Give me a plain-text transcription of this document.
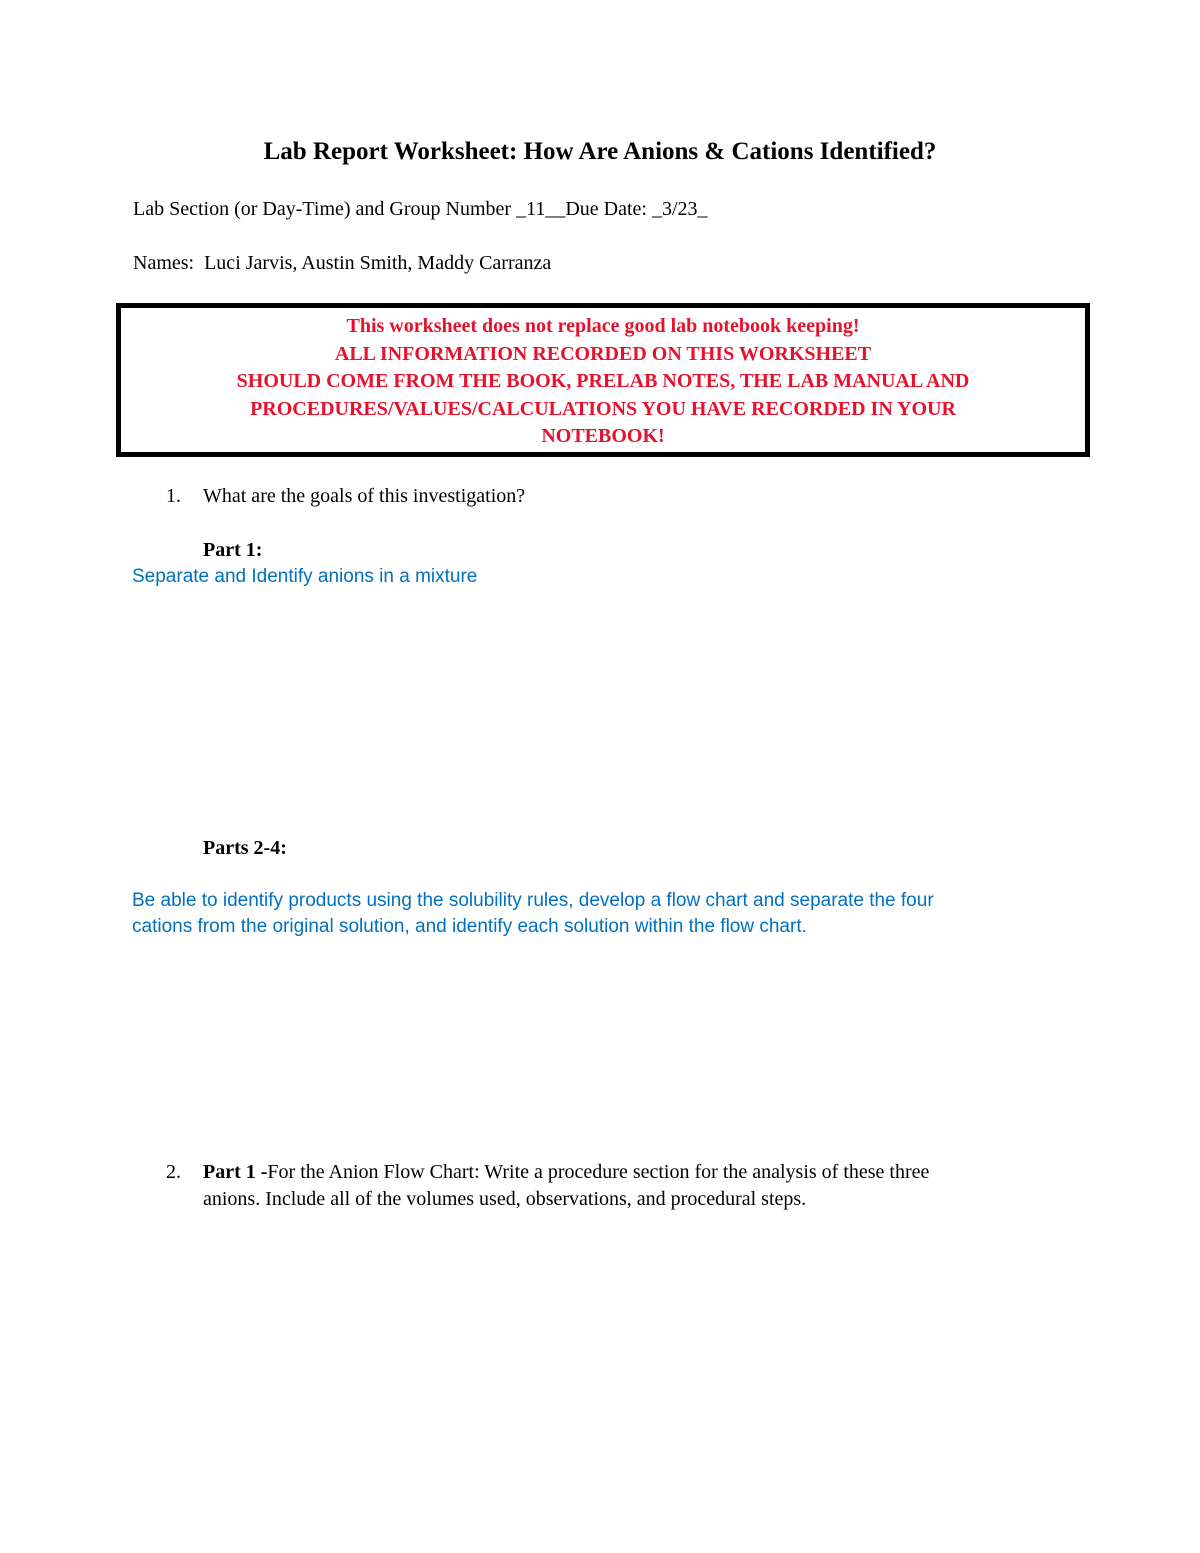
Lab Report Worksheet: How Are Anions & Cations Identified?
Lab Section (or Day-Time) and Group Number _11__Due Date: _3/23_
Names: Luci Jarvis, Austin Smith, Maddy Carranza
This worksheet does not replace good lab notebook keeping!
ALL INFORMATION RECORDED ON THIS WORKSHEET
SHOULD COME FROM THE BOOK, PRELAB NOTES, THE LAB MANUAL AND
PROCEDURES/VALUES/CALCULATIONS YOU HAVE RECORDED IN YOUR
NOTEBOOK!
1. What are the goals of this investigation?
Part 1:
Separate and Identify anions in a mixture
Parts 2-4:
Be able to identify products using the solubility rules, develop a flow chart and separate the four
cations from the original solution, and identify each solution within the flow chart.
2. Part 1 -For the Anion Flow Chart: Write a procedure section for the analysis of these three
anions. Include all of the volumes used, observations, and procedural steps.
